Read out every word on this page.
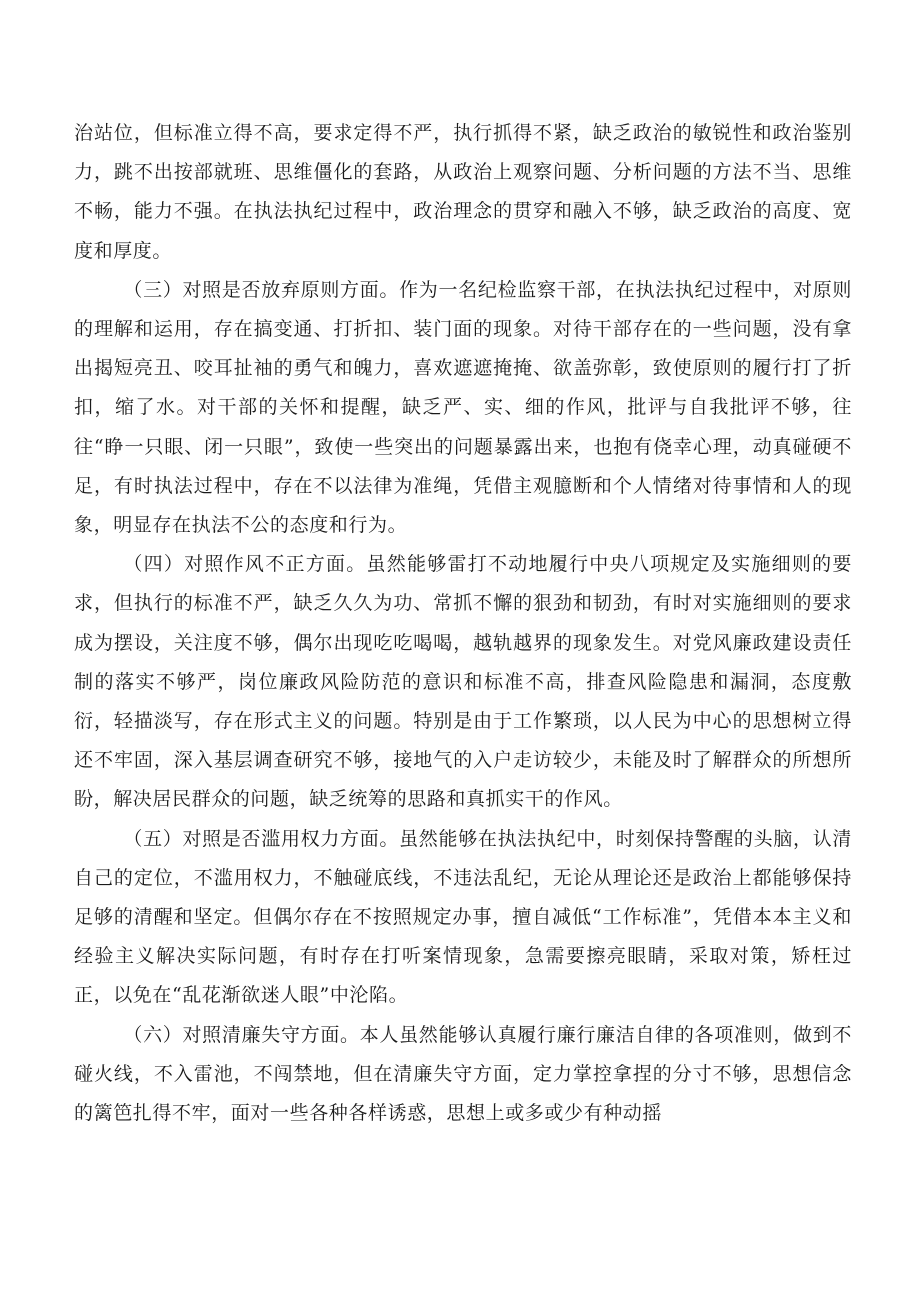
治站位，但标准立得不高，要求定得不严，执行抓得不紧，缺乏政治的敏锐性和政治鉴别力，跳不出按部就班、思维僵化的套路，从政治上观察问题、分析问题的方法不当、思维不畅，能力不强。在执法执纪过程中，政治理念的贯穿和融入不够，缺乏政治的高度、宽度和厚度。

（三）对照是否放弃原则方面。作为一名纪检监察干部，在执法执纪过程中，对原则的理解和运用，存在搞变通、打折扣、装门面的现象。对待干部存在的一些问题，没有拿出揭短亮丑、咬耳扯袖的勇气和魄力，喜欢遮遮掩掩、欲盖弥彰，致使原则的履行打了折扣，缩了水。对干部的关怀和提醒，缺乏严、实、细的作风，批评与自我批评不够，往往“睁一只眼、闭一只眼”，致使一些突出的问题暴露出来，也抱有侥幸心理，动真碰硬不足，有时执法过程中，存在不以法律为准绳，凭借主观臆断和个人情绪对待事情和人的现象，明显存在执法不公的态度和行为。

（四）对照作风不正方面。虽然能够雷打不动地履行中央八项规定及实施细则的要求，但执行的标准不严，缺乏久久为功、常抓不懈的狠劲和韧劲，有时对实施细则的要求成为摆设，关注度不够，偶尔出现吃吃喝喝，越轨越界的现象发生。对党风廉政建设责任制的落实不够严，岗位廉政风险防范的意识和标准不高，排查风险隐患和漏洞，态度敷衍，轻描淡写，存在形式主义的问题。特别是由于工作繁琐，以人民为中心的思想树立得还不牢固，深入基层调查研究不够，接地气的入户走访较少，未能及时了解群众的所想所盼，解决居民群众的问题，缺乏统筹的思路和真抓实干的作风。

（五）对照是否滥用权力方面。虽然能够在执法执纪中，时刻保持警醒的头脑，认清自己的定位，不滥用权力，不触碰底线，不违法乱纪，无论从理论还是政治上都能够保持足够的清醒和坚定。但偶尔存在不按照规定办事，擅自减低“工作标准”，凭借本本主义和经验主义解决实际问题，有时存在打听案情现象，急需要擦亮眼睛，采取对策，矫枉过正，以免在“乱花渐欲迷人眼”中沦陷。

（六）对照清廉失守方面。本人虽然能够认真履行廉行廉洁自律的各项准则，做到不碰火线，不入雷池，不闯禁地，但在清廉失守方面，定力掌控拿捏的分寸不够，思想信念的篱笆扎得不牢，面对一些各种各样诱惑，思想上或多或少有种动摇
